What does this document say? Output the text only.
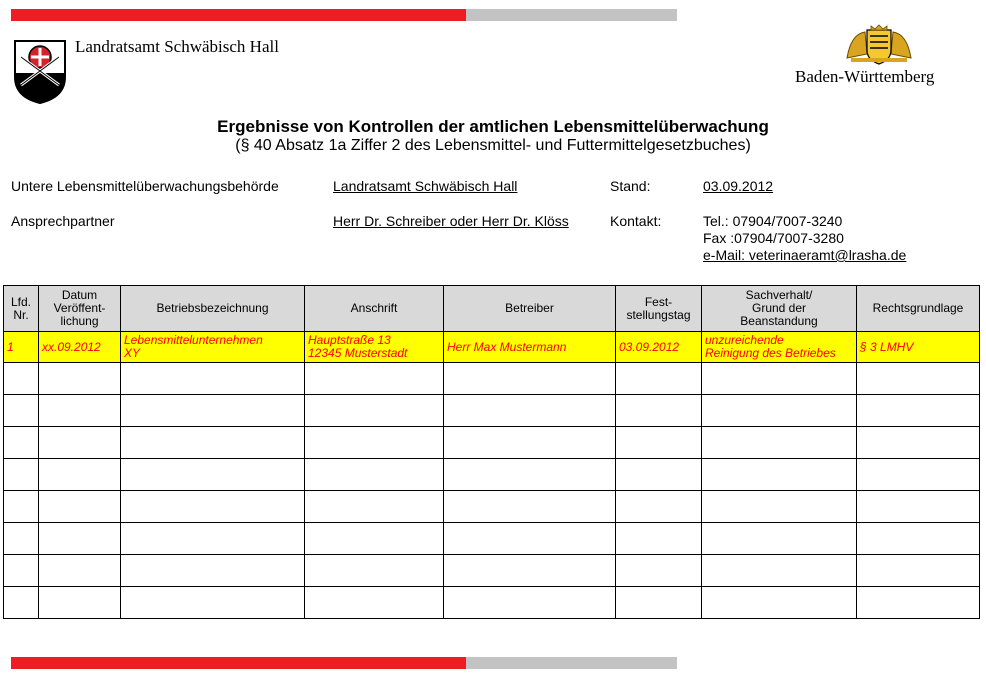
Landratsamt Schwäbisch Hall
Baden-Württemberg
Ergebnisse von Kontrollen der amtlichen Lebensmittelüberwachung
(§ 40 Absatz 1a Ziffer 2 des Lebensmittel- und Futtermittelgesetzbuches)
Untere Lebensmittelüberwachungsbehörde	Landratsamt Schwäbisch Hall	Stand:	03.09.2012
Ansprechpartner	Herr Dr. Schreiber oder Herr Dr. Klöss	Kontakt:	Tel.: 07904/7007-3240
Fax :07904/7007-3280
e-Mail: veterinaeramt@lrasha.de
Lfd.
Nr.	Datum
Veröffent-
lichung	Betriebsbezeichnung	Anschrift	Betreiber	Fest-
stellungstag	Sachverhalt/
Grund der
Beanstandung	Rechtsgrundlage
1	xx.09.2012	Lebensmittelunternehmen
XY	Hauptstraße 13
12345 Musterstadt	Herr Max Mustermann	03.09.2012	unzureichende
Reinigung des Betriebes	§ 3 LMHV
